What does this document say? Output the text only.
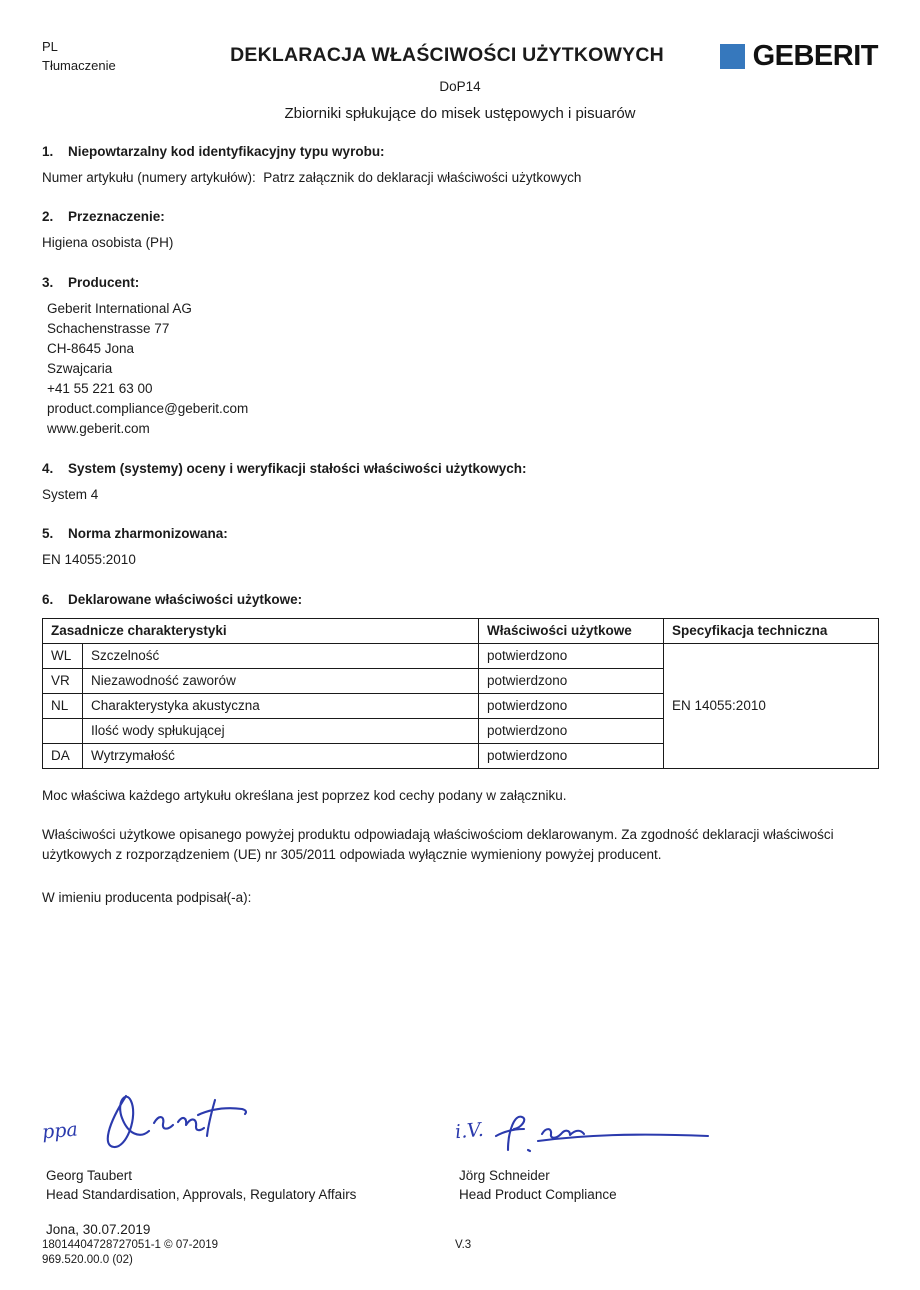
PL
Tłumaczenie	DEKLARACJA WŁAŚCIWOŚCI UŻYTKOWYCH	GEBERIT
DoP14
Zbiorniki spłukujące do misek ustępowych i pisuarów
1.	Niepowtarzalny kod identyfikacyjny typu wyrobu:
Numer artykułu (numery artykułów):  Patrz załącznik do deklaracji właściwości użytkowych
2.	Przeznaczenie:
Higiena osobista (PH)
3.	Producent:
Geberit International AG
Schachenstrasse 77
CH-8645 Jona
Szwajcaria
+41 55 221 63 00
product.compliance@geberit.com
www.geberit.com
4.	System (systemy) oceny i weryfikacji stałości właściwości użytkowych:
System 4
5.	Norma zharmonizowana:
EN 14055:2010
6.	Deklarowane właściwości użytkowe:
Zasadnicze charakterystyki		Właściwości użytkowe	Specyfikacja techniczna
WL	Szczelność	potwierdzono	EN 14055:2010
VR	Niezawodność zaworów	potwierdzono	
NL	Charakterystyka akustyczna	potwierdzono	
	Ilość wody spłukującej	potwierdzono	
DA	Wytrzymałość	potwierdzono	
Moc właściwa każdego artykułu określana jest poprzez kod cechy podany w załączniku.
Właściwości użytkowe opisanego powyżej produktu odpowiadają właściwościom deklarowanym. Za zgodność deklaracji właściwości użytkowych z rozporządzeniem (UE) nr 305/2011 odpowiada wyłącznie wymieniony powyżej producent.
W imieniu producenta podpisał(-a):
ppa
Georg Taubert
Head Standardisation, Approvals, Regulatory Affairs
Jona, 30.07.2019
i.V.
Jörg Schneider
Head Product Compliance
18014404728727051-1 © 07-2019
969.520.00.0 (02)
V.3
